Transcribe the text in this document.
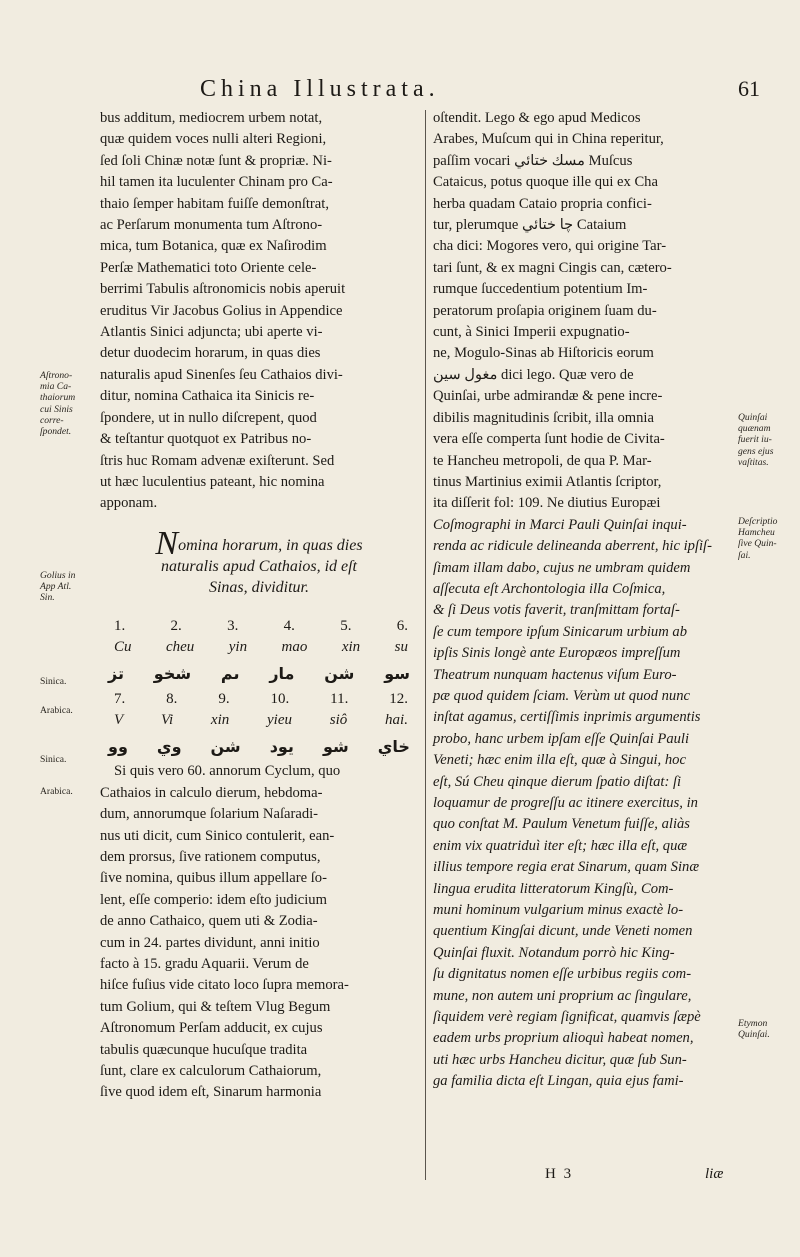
China Illustrata.	61

bus additum, mediocrem urbem notat,

quæ quidem voces nulli alteri Regioni,

ſed ſoli Chinæ notæ ſunt & propriæ. Ni-

hil tamen ita luculenter Chinam pro Ca-

thaio ſemper habitam fuiſſe demonſtrat,

ac Perſarum monumenta tum Aſtrono-

mica, tum Botanica, quæ ex Naſirodim

Perſæ Mathematici toto Oriente cele-

berrimi Tabulis aſtronomicis nobis aperuit

eruditus Vir Jacobus Golius in Appendice

Atlantis Sinici adjuncta; ubi aperte vi-

detur duodecim horarum, in quas dies

naturalis apud Sinenſes ſeu Cathaios divi-

ditur, nomina Cathaica ita Sinicis re-

ſpondere, ut in nullo diſcrepent, quod

& teſtantur quotquot ex Patribus no-

ſtris huc Romam advenæ exiſterunt. Sed

ut hæc luculentius pateant, hic nomina

apponam.

Nomina horarum, in quas dies
naturalis apud Cathaios, id eſt
Sinas, dividitur.
1.	2.	3.	4.	5.	6.
Cu cheu yin mao xin su
تز شخو ىم مار شن سو
7.	8.	9.	10.	11.	12.
V	Vi	xin	yieu	siô	hai.
وو وي شن يود شو خاي

Si quis vero 60. annorum Cyclum, quo

Cathaios in calculo dierum, hebdoma-

dum, annorumque ſolarium Naſaradi-

nus uti dicit, cum Sinico contulerit, ean-

dem prorsus, ſive rationem computus,

ſive nomina, quibus illum appellare ſo-

lent, eſſe comperio: idem eſto judicium

de anno Cathaico, quem uti & Zodia-

cum in 24. partes dividunt, anni initio

facto à 15. gradu Aquarii. Verum de

hiſce fuſius vide citato loco ſupra memora-

tum Golium, qui & teſtem Vlug Begum

Aſtronomum Perſam adducit, ex cujus

tabulis quæcunque hucuſque tradita

ſunt, clare ex calculorum Cathaiorum,

ſive quod idem eſt, Sinarum harmonia

oſtendit. Lego & ego apud Medicos

Arabes, Muſcum qui in China reperitur,

paſſim vocari مسك ختائي Muſcus

Cataicus, potus quoque ille qui ex Cha

herba quadam Cataio propria confici-

tur, plerumque چا ختائي Cataium

cha dici: Mogores vero, qui origine Tar-

tari ſunt, & ex magni Cingis can, cætero-

rumque ſuccedentium potentium Im-

peratorum proſapia originem ſuam du-

cunt, à Sinici Imperii expugnatio-

ne, Mogulo-Sinas ab Hiſtoricis eorum

مغول سين dici lego. Quæ vero de

Quinſai, urbe admirandæ & pene incre-

dibilis magnitudinis ſcribit, illa omnia

vera eſſe comperta ſunt hodie de Civita-

te Hancheu metropoli, de qua P. Mar-

tinus Martinius eximii Atlantis ſcriptor,

ita diſſerit fol: 109. Ne diutius Europæi

Coſmographi in Marci Pauli Quinſai inqui-

renda ac ridicule delineanda aberrent, hic ipſiſ-

ſimam illam dabo, cujus ne umbram quidem

aſſecuta eſt Archontologia illa Coſmica,

& ſi Deus votis faverit, tranſmittam fortaſ-

ſe cum tempore ipſum Sinicarum urbium ab

ipſis Sinis longè ante Europæos impreſſum

Theatrum nunquam hactenus viſum Euro-

pæ quod quidem ſciam. Verùm ut quod nunc

inſtat agamus, certiſſimis inprimis argumentis

probo, hanc urbem ipſam eſſe Quinſai Pauli

Veneti; hæc enim illa eſt, quæ à Singui, hoc

eſt, Sú Cheu qinque dierum ſpatio diſtat: ſi

loquamur de progreſſu ac itinere exercitus, in

quo conſtat M. Paulum Venetum fuiſſe, aliàs

enim vix quatriduì iter eſt; hæc illa eſt, quæ

illius tempore regia erat Sinarum, quam Sinæ

lingua erudita litteratorum Kingſù, Com-

muni hominum vulgarium minus exactè lo-

quentium Kingſai dicunt, unde Veneti nomen

Quinſai fluxit. Notandum porrò hic King-

ſu dignitatus nomen eſſe urbibus regiis com-

mune, non autem uni proprium ac ſingulare,

ſiquidem verè regiam ſignificat, quamvis ſæpè

eadem urbs proprium alioquì habeat nomen,

uti hæc urbs Hancheu dicitur, quæ ſub Sun-

ga familia dicta eſt Lingan, quia ejus fami-

Aſtrono-
mia Ca-
thaiorum
cui Sinis
corre-
ſpondet.
Golius in
App Atl.
Sin.
Sinica.
Arabica.
Sinica.
Arabica.
Quinſai
quænam
fuerit iu-
gens ejus
vaſtitas.
Deſcriptio
Hamcheu
ſive Quin-
ſai.
Etymon
Quinſai.
H 3	liæ
